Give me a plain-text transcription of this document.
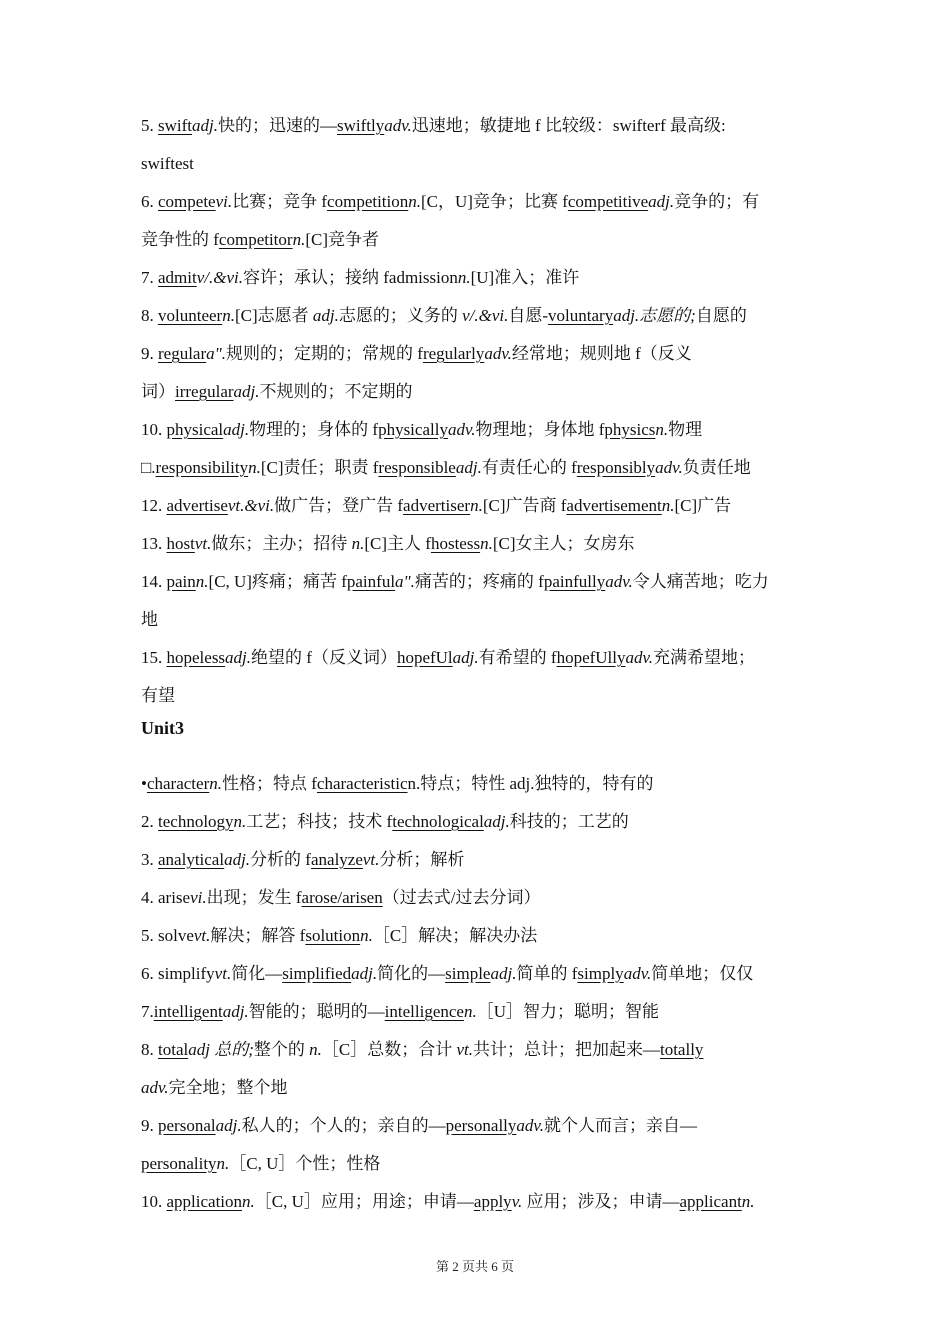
5. swiftadj.快的；迅速的—swiftlyadv.迅速地；敏捷地 f 比较级：swifterf 最高级:
swiftest
6. competevi.比赛；竞争 fcompetitionn.[C，U]竞争；比赛 fcompetitiveadj.竞争的；有
竞争性的 fcompetitorn.[C]竞争者
7. admitv/.&vi.容许；承认；接纳 fadmissionn.[U]准入；准许
8. volunteern.[C]志愿者 adj.志愿的；义务的 v/.&vi.自愿-voluntaryadj.志愿的;自愿的
9. regulara".规则的；定期的；常规的 fregularlyadv.经常地；规则地 f（反义
词）irregularadj.不规则的；不定期的
10. physicaladj.物理的；身体的 fphysicallyadv.物理地；身体地 fphysicsn.物理
□.responsibilityn.[C]责任；职责 fresponsibleadj.有责任心的 fresponsiblyadv.负责任地
12. advertisevt.&vi.做广告；登广告 fadvertisern.[C]广告商 fadvertisementn.[C]广告
13. hostvt.做东；主办；招待 n.[C]主人 fhostessn.[C]女主人；女房东
14. painn.[C, U]疼痛；痛苦 fpainfula".痛苦的；疼痛的 fpainfullyadv.令人痛苦地；吃力
地
15. hopelessadj.绝望的 f（反义词）hopefUladj.有希望的 fhopefUllyadv.充满希望地；
有望
Unit3
•charactern.性格；特点 fcharacteristicn.特点；特性 adj.独特的，特有的
2. technologyn.工艺；科技；技术 ftechnologicaladj.科技的；工艺的
3. analyticaladj.分析的 fanalyzevt.分析；解析
4. arisevi.出现；发生 farose/arisen（过去式/过去分词）
5. solvevt.解决；解答 fsolutionn.［C］解决；解决办法
6. simplifyvt.简化—simplifiedadj.简化的—simpleadj.简单的 fsimplyadv.简单地；仅仅
7.intelligentadj.智能的；聪明的—intelligencen.［U］智力；聪明；智能
8. totaladj 总的;整个的 n.［C］总数；合计 vt.共计；总计；把加起来—totally
adv.完全地；整个地
9. personaladj.私人的；个人的；亲自的—personallyadv.就个人而言；亲自—
personalityn.［C, U］个性；性格
10. applicationn.［C, U］应用；用途；申请—applyv. 应用；涉及；申请—applicantn.
第 2 页共 6 页
